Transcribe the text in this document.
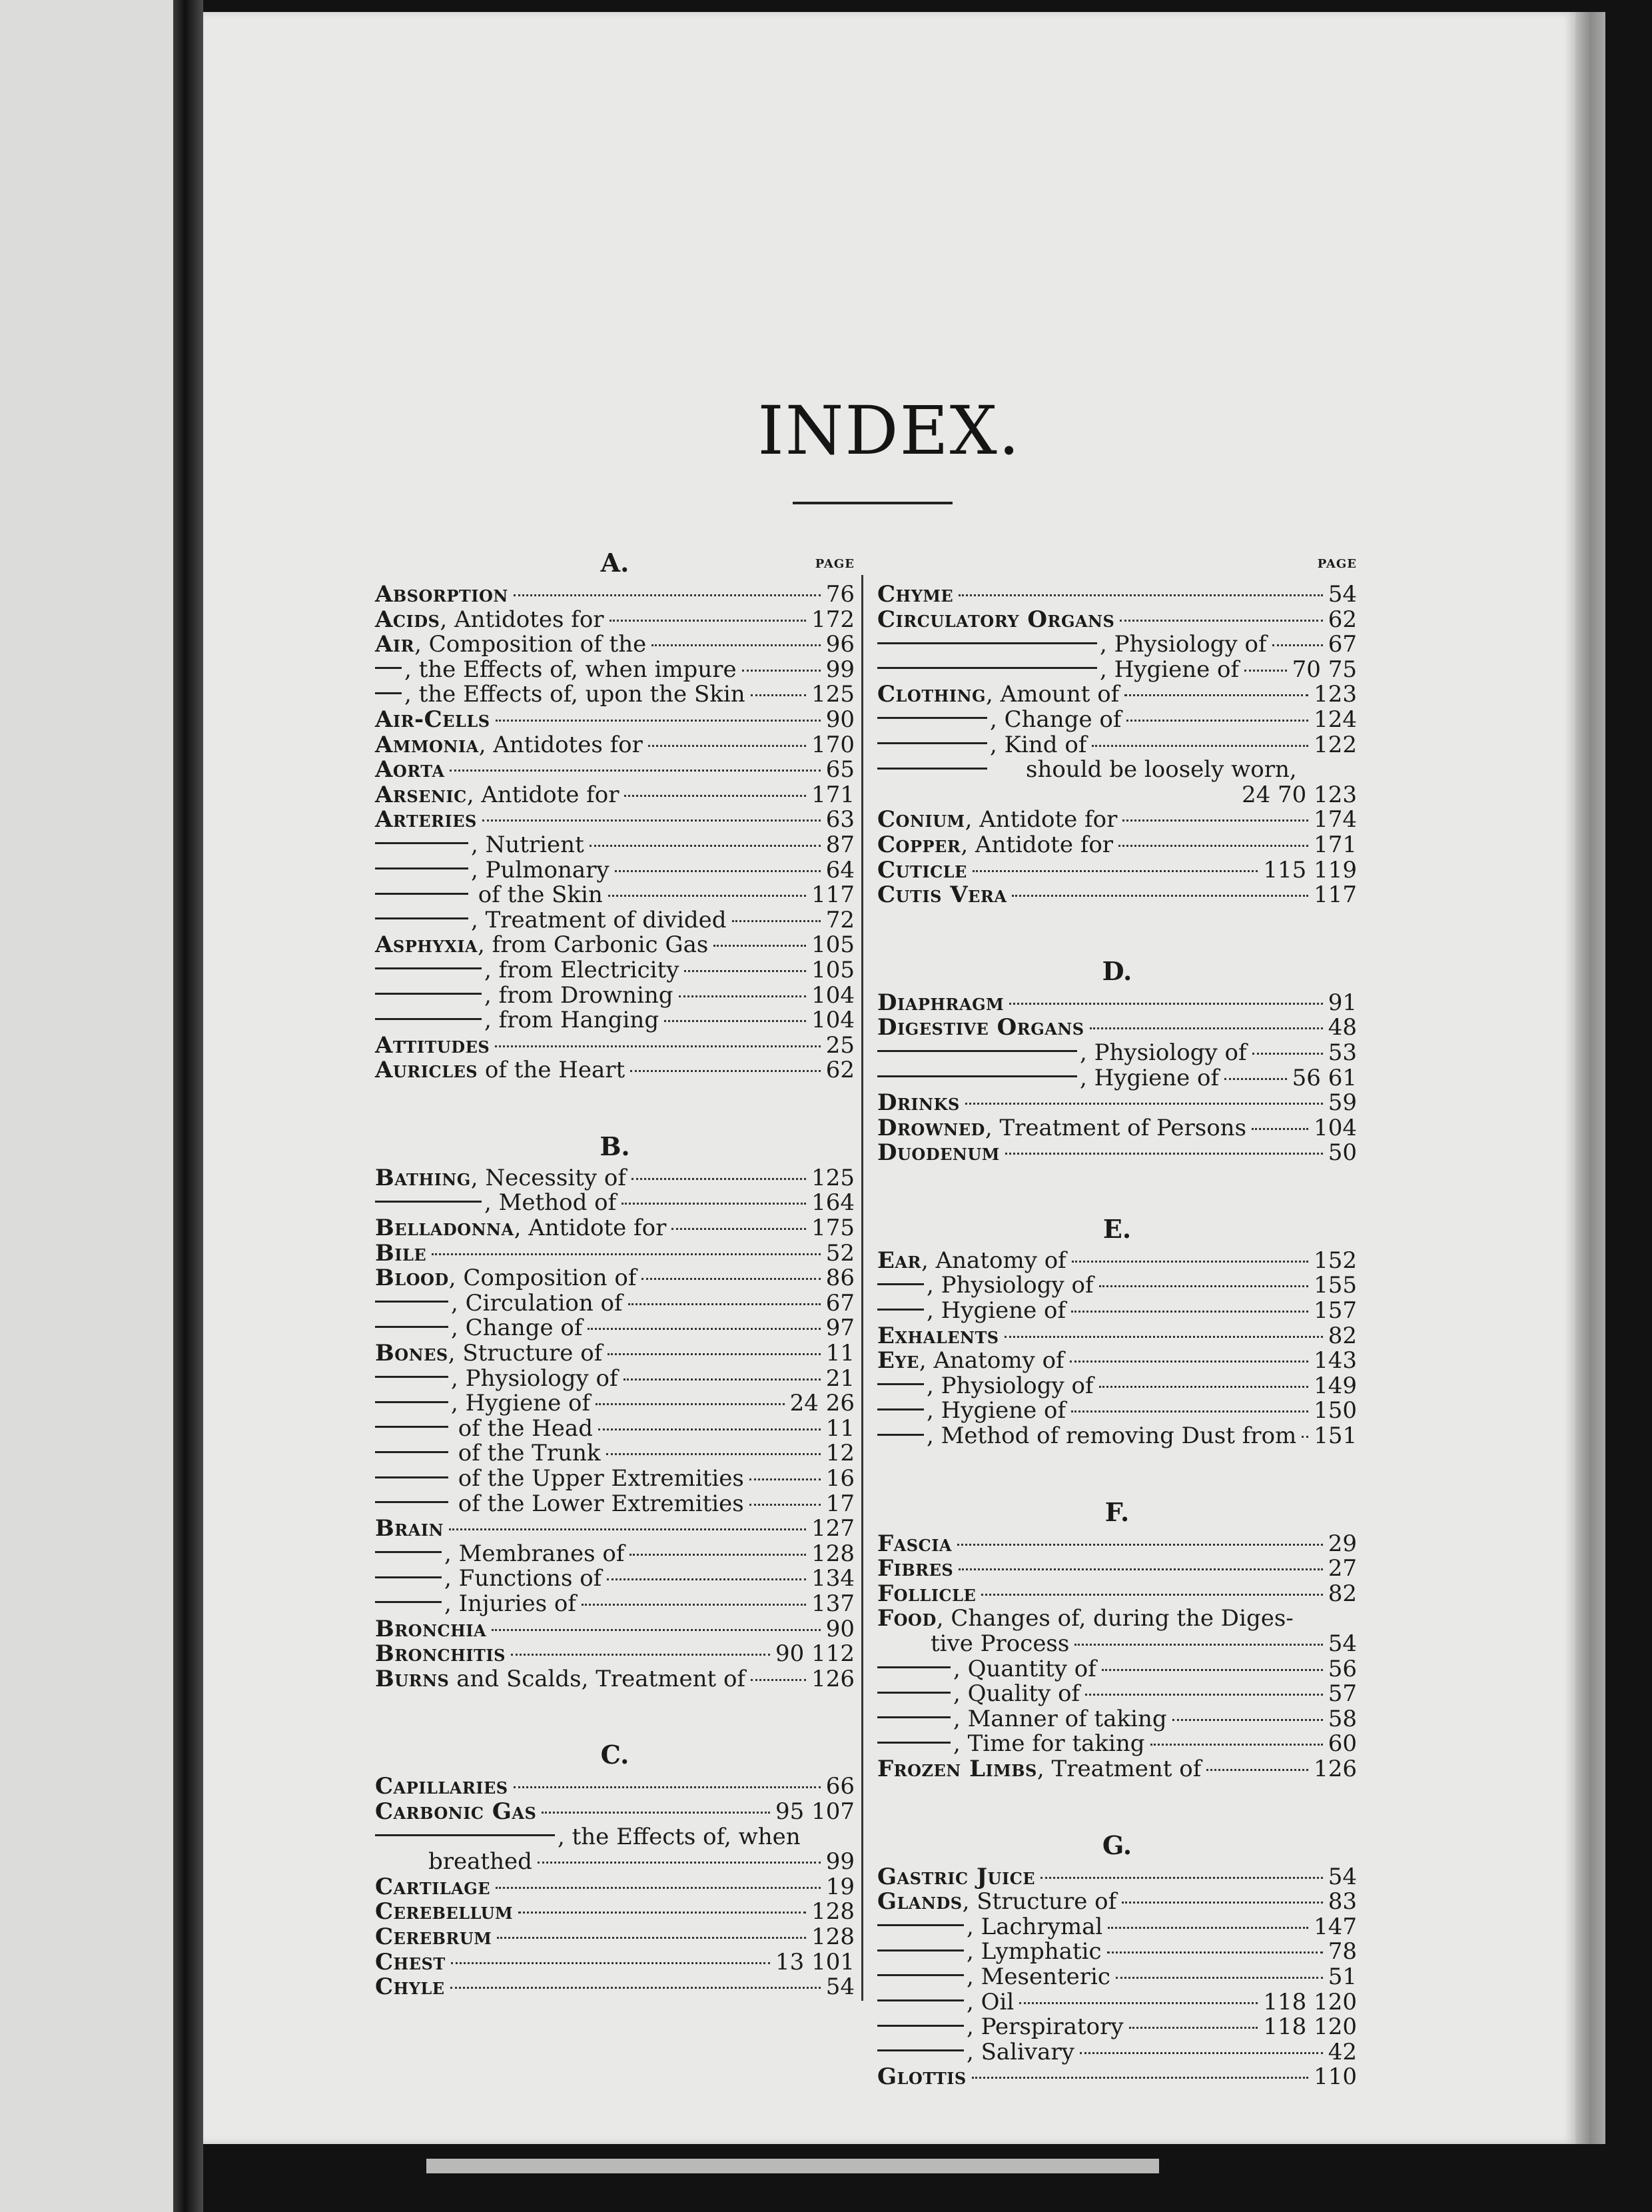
INDEX.
A.	PAGE
Absorption	76
Acids, Antidotes for	172
Air, Composition of the	96
, the Effects of, when impure	99
, the Effects of, upon the Skin	125
Air-Cells	90
Ammonia, Antidotes for	170
Aorta	65
Arsenic, Antidote for	171
Arteries	63
, Nutrient	87
, Pulmonary	64
of the Skin	117
, Treatment of divided	72
Asphyxia, from Carbonic Gas	105
, from Electricity	105
, from Drowning	104
, from Hanging	104
Attitudes	25
Auricles of the Heart	62
B.
Bathing, Necessity of	125
, Method of	164
Belladonna, Antidote for	175
Bile	52
Blood, Composition of	86
, Circulation of	67
, Change of	97
Bones, Structure of	11
, Physiology of	21
, Hygiene of	24 26
of the Head	11
of the Trunk	12
of the Upper Extremities	16
of the Lower Extremities	17
Brain	127
, Membranes of	128
, Functions of	134
, Injuries of	137
Bronchia	90
Bronchitis	90 112
Burns and Scalds, Treatment of	126
C.
Capillaries	66
Carbonic Gas	95 107
, the Effects of, when
breathed	99
Cartilage	19
Cerebellum	128
Cerebrum	128
Chest	13 101
Chyle	54
PAGE
Chyme	54
Circulatory Organs	62
, Physiology of	67
, Hygiene of 70 75
Clothing, Amount of	123
, Change of	124
, Kind of	122
should be loosely worn,
24 70 123
Conium, Antidote for	174
Copper, Antidote for	171
Cuticle	115 119
Cutis Vera	117
D.
Diaphragm	91
Digestive Organs	48
, Physiology of	53
, Hygiene of	56 61
Drinks	59
Drowned, Treatment of Persons	104
Duodenum	50
E.
Ear, Anatomy of	152
, Physiology of	155
, Hygiene of	157
Exhalents	82
Eye, Anatomy of	143
, Physiology of	149
, Hygiene of	150
, Method of removing Dust from 151
F.
Fascia	29
Fibres	27
Follicle	82
Food, Changes of, during the Diges-
tive Process	54
, Quantity of	56
, Quality of	57
, Manner of taking	58
, Time for taking	60
Frozen Limbs, Treatment of	126
G.
Gastric Juice	54
Glands, Structure of	83
, Lachrymal	147
, Lymphatic	78
, Mesenteric	51
, Oil	118 120
, Perspiratory	118 120
, Salivary	42
Glottis	110
